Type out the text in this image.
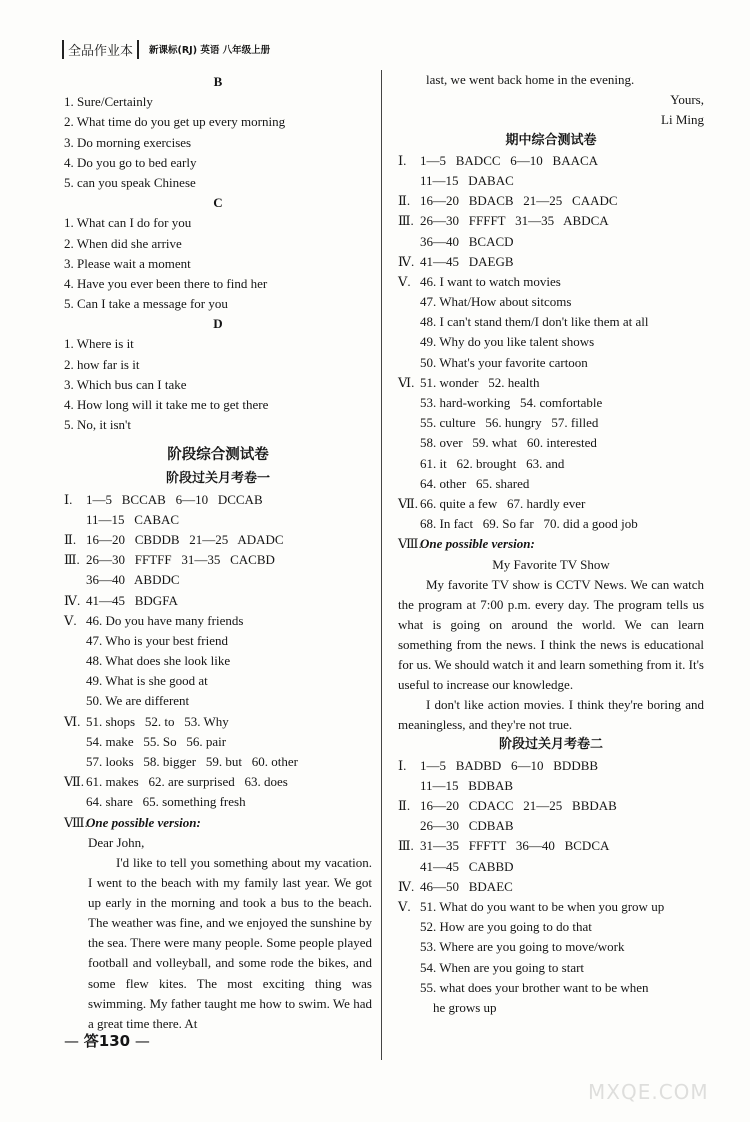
全品作业本	新课标(RJ) 英语 八年级上册
B
1. Sure/Certainly
2. What time do you get up every morning
3. Do morning exercises
4. Do you go to bed early
5. can you speak Chinese
C
1. What can I do for you
2. When did she arrive
3. Please wait a moment
4. Have you ever been there to find her
5. Can I take a message for you
D
1. Where is it
2. how far is it
3. Which bus can I take
4. How long will it take me to get there
5. No, it isn't
阶段综合测试卷
阶段过关月考卷一
Ⅰ. 1—5   BCCAB   6—10   DCCAB
11—15   CABAC
Ⅱ. 16—20   CBDDB   21—25   ADADC
Ⅲ. 26—30   FFTFF   31—35   CACBD
36—40   ABDDC
Ⅳ. 41—45   BDGFA
Ⅴ. 46. Do you have many friends
47. Who is your best friend
48. What does she look like
49. What is she good at
50. We are different
Ⅵ. 51. shops   52. to   53. Why
54. make   55. So   56. pair
57. looks   58. bigger   59. but   60. other
Ⅶ. 61. makes   62. are surprised   63. does
64. share   65. something fresh
Ⅷ.One possible version:
Dear John,
I'd like to tell you something about my vacation. I went to the beach with my family last year. We got up early in the morning and took a bus to the beach. The weather was fine, and we enjoyed the sunshine by the sea. There were many people. Some people played football and volleyball, and some rode the bikes, and some flew kites. The most exciting thing was swimming. My father taught me how to swim. We had a great time there. At
last, we went back home in the evening.
Yours,
Li Ming
期中综合测试卷
Ⅰ. 1—5   BADCC   6—10   BAACA
11—15   DABAC
Ⅱ. 16—20   BDACB   21—25   CAADC
Ⅲ. 26—30   FFFFT   31—35   ABDCA
36—40   BCACD
Ⅳ. 41—45   DAEGB
Ⅴ. 46. I want to watch movies
47. What/How about sitcoms
48. I can't stand them/I don't like them at all
49. Why do you like talent shows
50. What's your favorite cartoon
Ⅵ. 51. wonder   52. health
53. hard-working   54. comfortable
55. culture   56. hungry   57. filled
58. over   59. what   60. interested
61. it   62. brought   63. and
64. other   65. shared
Ⅶ. 66. quite a few   67. hardly ever
68. In fact   69. So far   70. did a good job
Ⅷ.One possible version:
My Favorite TV Show
My favorite TV show is CCTV News. We can watch the program at 7:00 p.m. every day. The program tells us what is going on around the world. We can learn something from the news. I think the news is educational for us. We should watch it and learn something from it. It's useful to increase our knowledge.
I don't like action movies. I think they're boring and meaningless, and they're not true.
阶段过关月考卷二
Ⅰ. 1—5   BADBD   6—10   BDDBB
11—15   BDBAB
Ⅱ. 16—20   CDACC   21—25   BBDAB
26—30   CDBAB
Ⅲ. 31—35   FFFTT   36—40   BCDCA
41—45   CABBD
Ⅳ. 46—50   BDAEC
Ⅴ. 51. What do you want to be when you grow up
52. How are you going to do that
53. Where are you going to move/work
54. When are you going to start
55. what does your brother want to be when
he grows up
— 答130 —
MXQE.COM
